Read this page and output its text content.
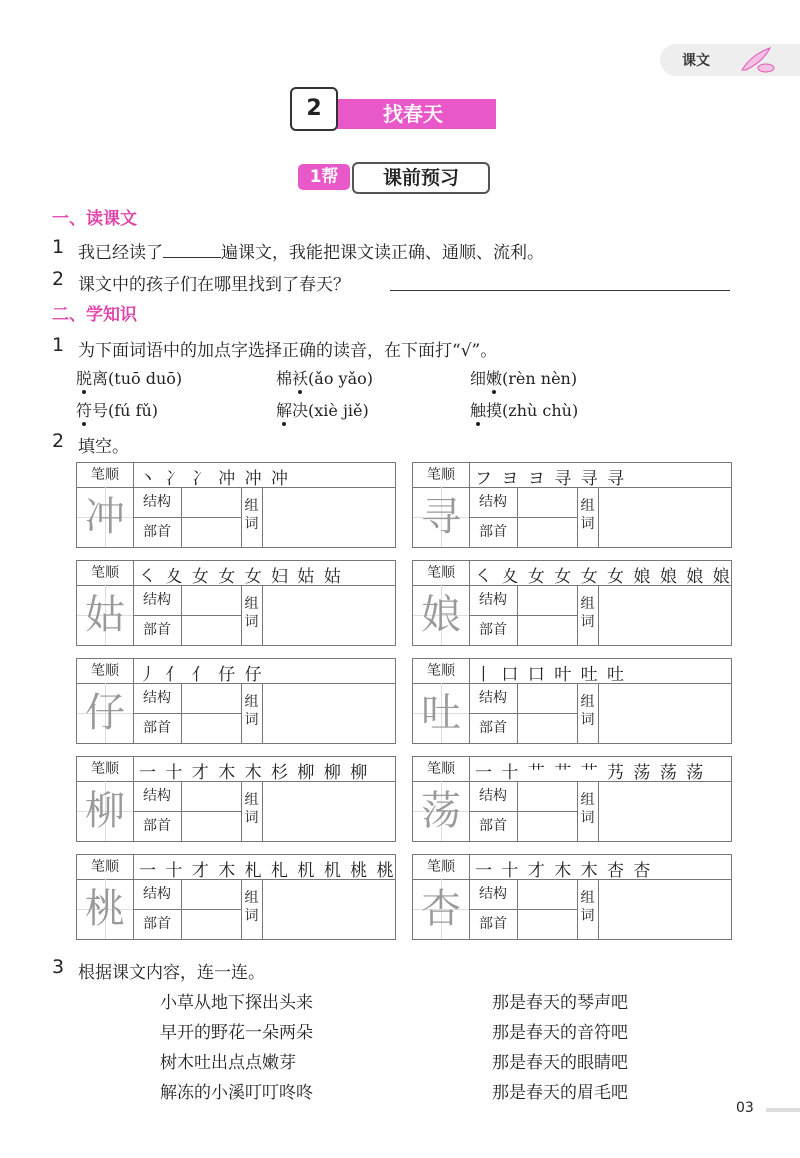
课文
找春天
2
1帮	课前预习
一、读课文
1 我已经读了	遍课文，我能把课文读正确、通顺、流利。
2 课文中的孩子们在哪里找到了春天？
二、学知识
1 为下面词语中的加点字选择正确的读音，在下面打“√”。
脱离(tuō duō)	棉袄(ǎo yǎo)	细嫩(rèn nèn)
符号(fú fǔ)	解决(xiè jiě)	触摸(zhù chù)
2 填空。
笔顺	丶 冫 冫 冲 冲 冲
冲	结构
部首
组
词
笔顺	フ ヨ ヨ 寻 寻 寻
寻	结构
部首
组
词
笔顺	㇛ 夊 女 女 女 妇 姑 姑
姑	结构
部首
组
词
笔顺	㇛ 夊 女 女 女 女 娘 娘 娘 娘
娘	结构
部首
组
词
笔顺	丿 亻 亻 仔 仔
仔	结构
部首
组
词
笔顺	丨 口 口 叶 吐 吐
吐	结构
部首
组
词
笔顺	一 十 才 木 木 杉 柳 柳 柳
柳	结构
部首
组
词
笔顺	一 十 艹 艹 艹 艿 荡 荡 荡
荡	结构
部首
组
词
笔顺	一 十 才 木 札 札 机 机 桃 桃
桃	结构
部首
组
词
笔顺	一 十 才 木 木 杏 杏
杏	结构
部首
组
词
3 根据课文内容，连一连。
小草从地下探出头来
早开的野花一朵两朵
树木吐出点点嫩芽
解冻的小溪叮叮咚咚
那是春天的琴声吧
那是春天的音符吧
那是春天的眼睛吧
那是春天的眉毛吧
03
